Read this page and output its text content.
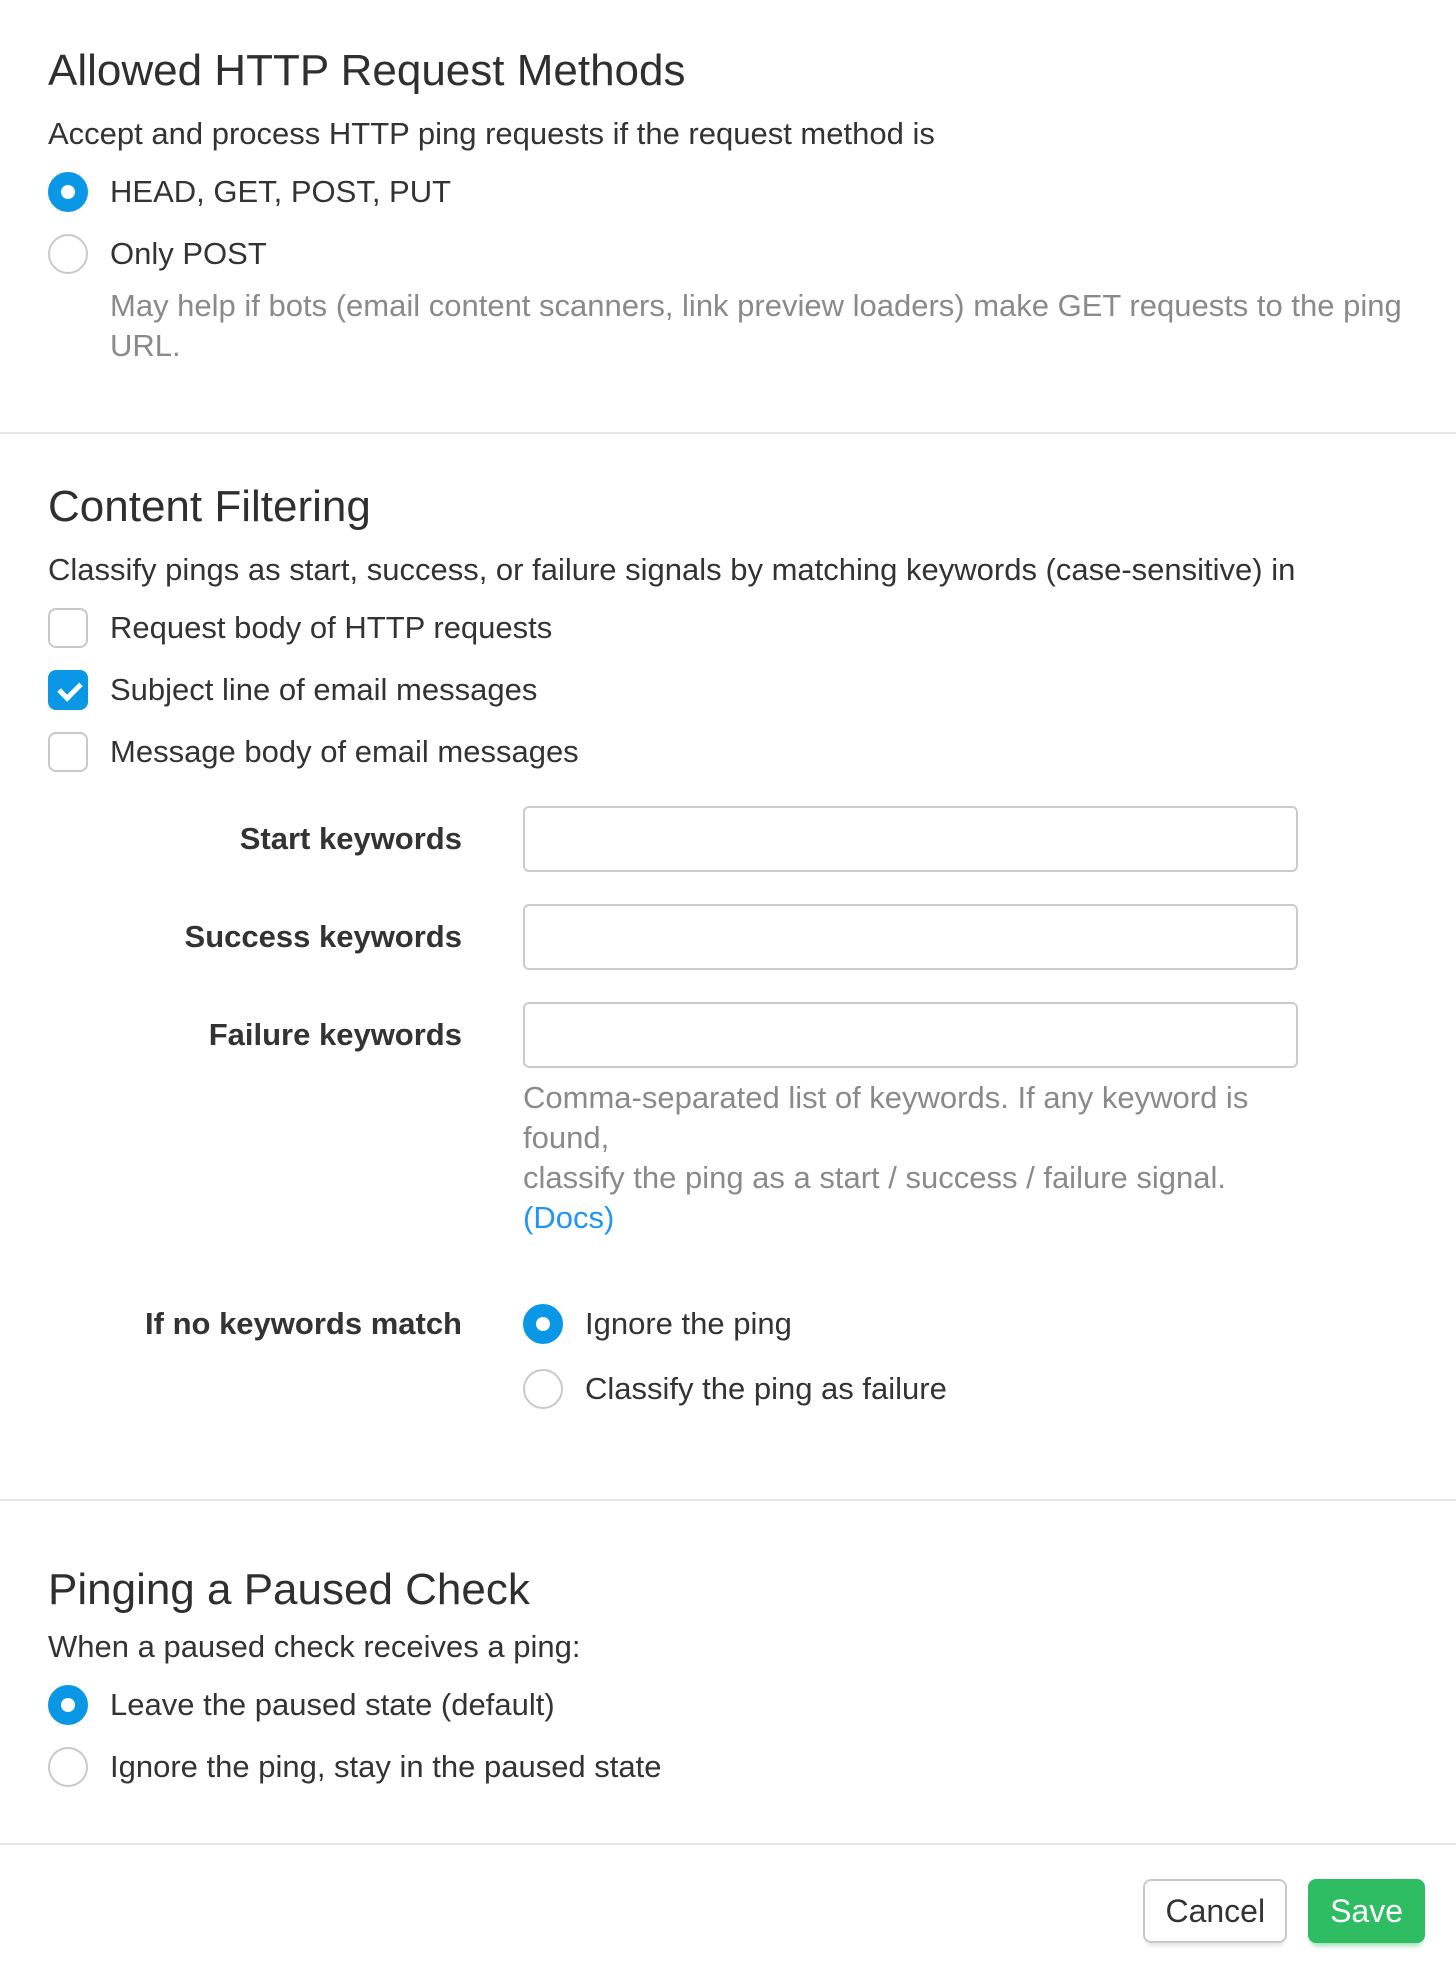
Allowed HTTP Request Methods
Accept and process HTTP ping requests if the request method is
HEAD, GET, POST, PUT
Only POST
May help if bots (email content scanners, link preview loaders) make GET requests to the ping URL.
Content Filtering
Classify pings as start, success, or failure signals by matching keywords (case-sensitive) in
Request body of HTTP requests
Subject line of email messages
Message body of email messages
Start keywords
Success keywords
Failure keywords
Comma-separated list of keywords. If any keyword is found,
classify the ping as a start / success / failure signal. (Docs)
If no keywords match	Ignore the ping
Classify the ping as failure
Pinging a Paused Check
When a paused check receives a ping:
Leave the paused state (default)
Ignore the ping, stay in the paused state
Cancel	Save
